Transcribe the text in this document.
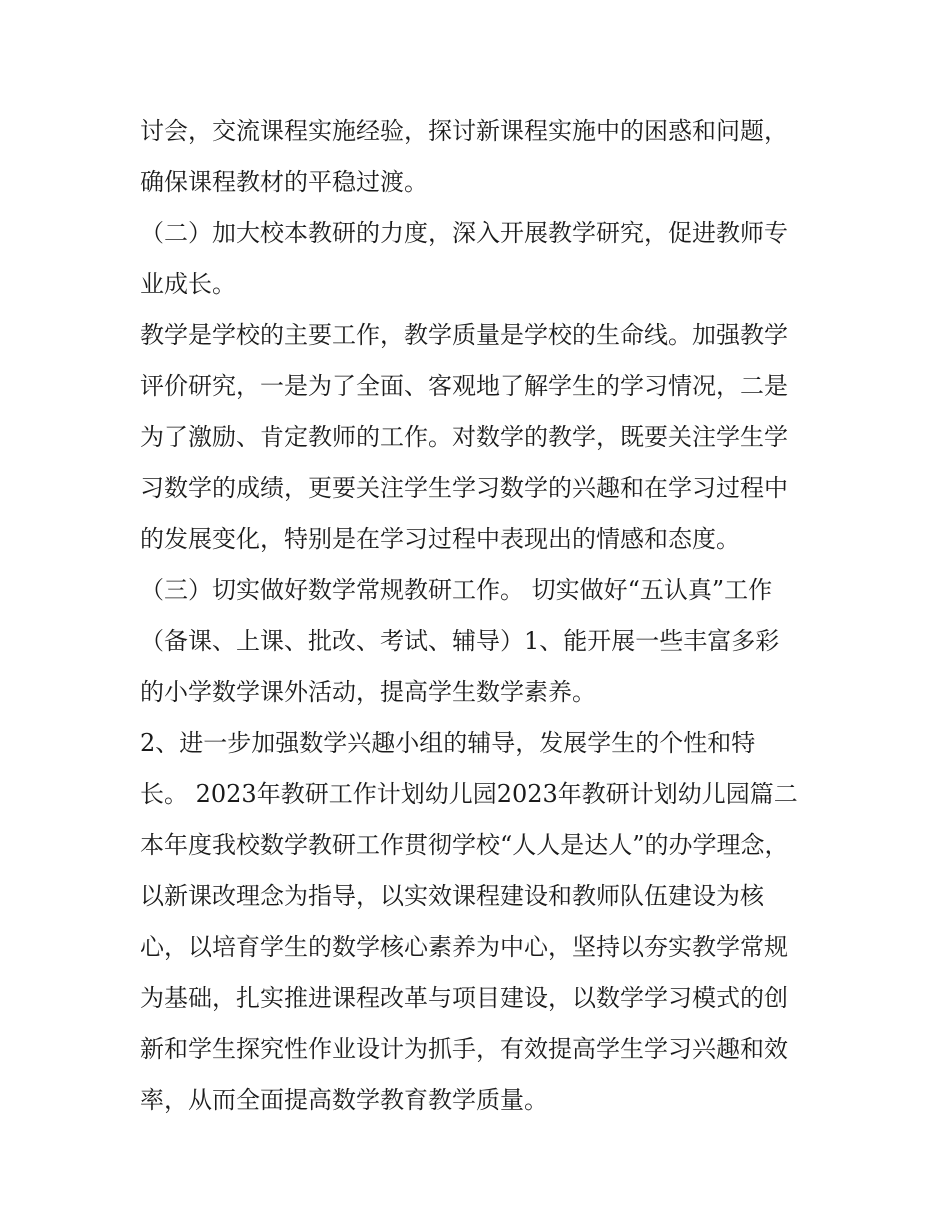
讨会，交流课程实施经验，探讨新课程实施中的困惑和问题，
确保课程教材的平稳过渡。
（二）加大校本教研的力度，深入开展教学研究，促进教师专
业成长。
教学是学校的主要工作，教学质量是学校的生命线。加强教学
评价研究，一是为了全面、客观地了解学生的学习情况，二是
为了激励、肯定教师的工作。对数学的教学，既要关注学生学
习数学的成绩，更要关注学生学习数学的兴趣和在学习过程中
的发展变化，特别是在学习过程中表现出的情感和态度。
（三）切实做好数学常规教研工作。 切实做好“五认真”工作
（备课、上课、批改、考试、辅导）1、能开展一些丰富多彩
的小学数学课外活动，提高学生数学素养。
2、进一步加强数学兴趣小组的辅导，发展学生的个性和特
长。 2023年教研工作计划幼儿园2023年教研计划幼儿园篇二
本年度我校数学教研工作贯彻学校“人人是达人”的办学理念，
以新课改理念为指导，以实效课程建设和教师队伍建设为核
心，以培育学生的数学核心素养为中心，坚持以夯实教学常规
为基础，扎实推进课程改革与项目建设，以数学学习模式的创
新和学生探究性作业设计为抓手，有效提高学生学习兴趣和效
率，从而全面提高数学教育教学质量。
